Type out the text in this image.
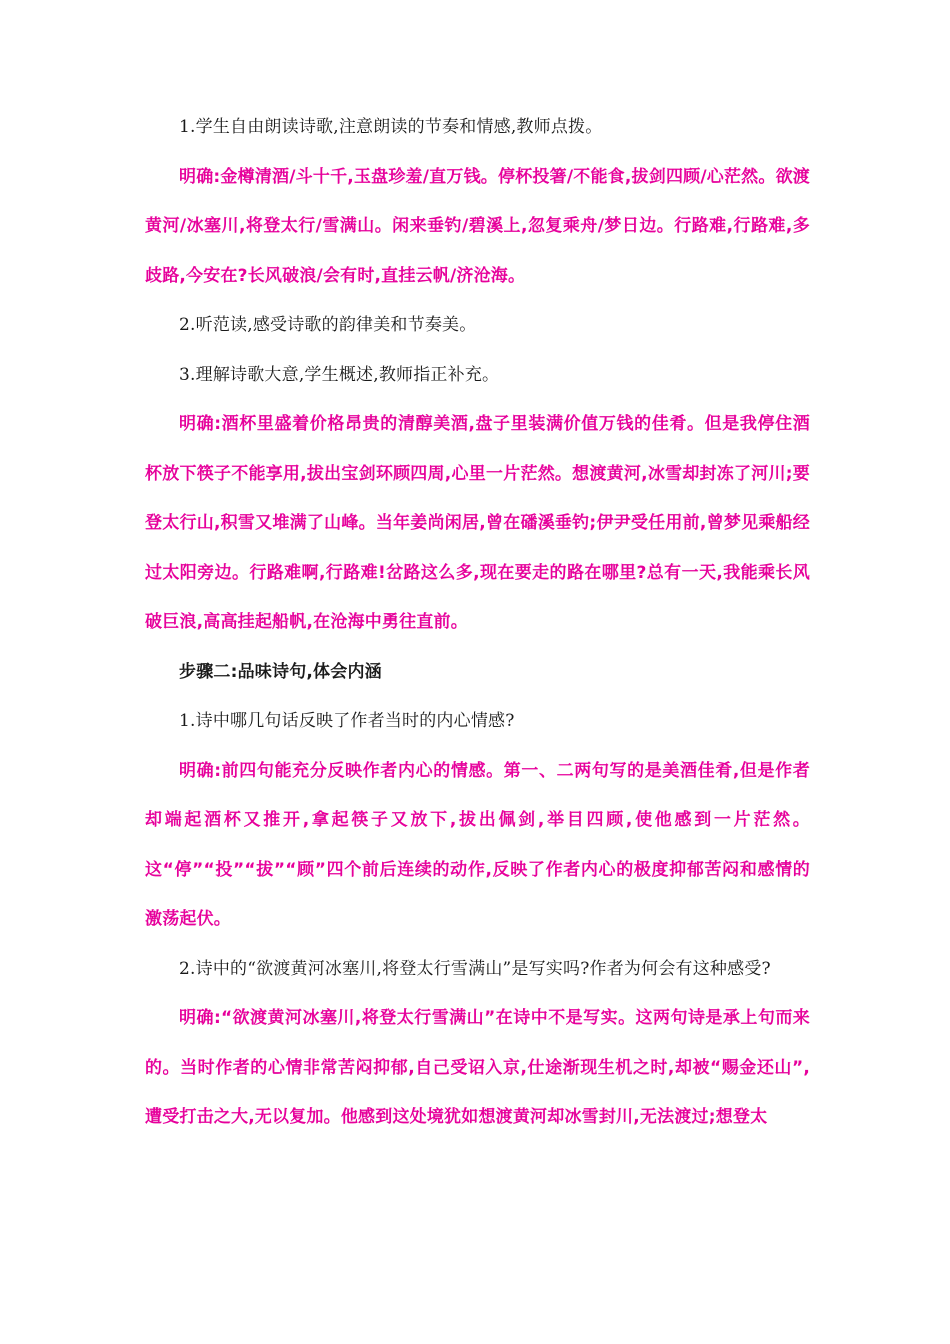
1.学生自由朗读诗歌,注意朗读的节奏和情感,教师点拨。

明确:金樽清酒/斗十千,玉盘珍羞/直万钱。停杯投箸/不能食,拔剑四顾/心茫然。欲渡黄河/冰塞川,将登太行/雪满山。闲来垂钓/碧溪上,忽复乘舟/梦日边。行路难,行路难,多歧路,今安在?长风破浪/会有时,直挂云帆/济沧海。

2.听范读,感受诗歌的韵律美和节奏美。

3.理解诗歌大意,学生概述,教师指正补充。

明确:酒杯里盛着价格昂贵的清醇美酒,盘子里装满价值万钱的佳肴。但是我停住酒杯放下筷子不能享用,拔出宝剑环顾四周,心里一片茫然。想渡黄河,冰雪却封冻了河川;要登太行山,积雪又堆满了山峰。当年姜尚闲居,曾在磻溪垂钓;伊尹受任用前,曾梦见乘船经过太阳旁边。行路难啊,行路难!岔路这么多,现在要走的路在哪里?总有一天,我能乘长风破巨浪,高高挂起船帆,在沧海中勇往直前。

步骤二:品味诗句,体会内涵

1.诗中哪几句话反映了作者当时的内心情感?

明确:前四句能充分反映作者内心的情感。第一、二两句写的是美酒佳肴,但是作者却端起酒杯又推开,拿起筷子又放下,拔出佩剑,举目四顾,使他感到一片茫然。这“停”“投”“拔”“顾”四个前后连续的动作,反映了作者内心的极度抑郁苦闷和感情的激荡起伏。

2.诗中的“欲渡黄河冰塞川,将登太行雪满山”是写实吗?作者为何会有这种感受?

明确:“欲渡黄河冰塞川,将登太行雪满山”在诗中不是写实。这两句诗是承上句而来的。当时作者的心情非常苦闷抑郁,自己受诏入京,仕途渐现生机之时,却被“赐金还山”,遭受打击之大,无以复加。他感到这处境犹如想渡黄河却冰雪封川,无法渡过;想登太
